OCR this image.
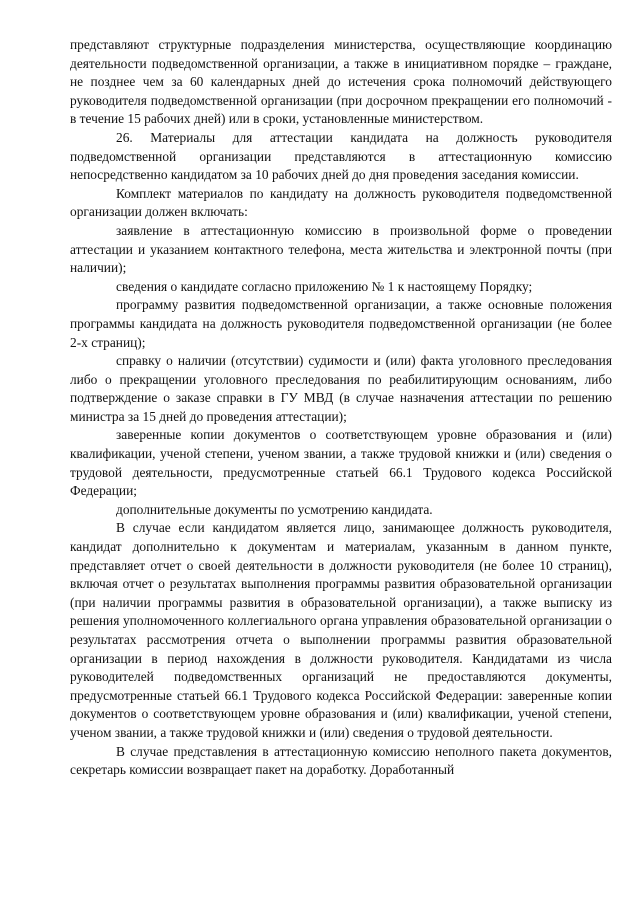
представляют структурные подразделения министерства, осуществляющие координацию деятельности подведомственной организации, а также в инициативном порядке – граждане, не позднее чем за 60 календарных дней до истечения срока полномочий действующего руководителя подведомственной организации (при досрочном прекращении его полномочий - в течение 15 рабочих дней) или в сроки, установленные министерством.

26. Материалы для аттестации кандидата на должность руководителя подведомственной организации представляются в аттестационную комиссию непосредственно кандидатом за 10 рабочих дней до дня проведения заседания комиссии.

Комплект материалов по кандидату на должность руководителя подведомственной организации должен включать:

заявление в аттестационную комиссию в произвольной форме о проведении аттестации и указанием контактного телефона, места жительства и электронной почты (при наличии);

сведения о кандидате согласно приложению № 1 к настоящему Порядку;

программу развития подведомственной организации, а также основные положения программы кандидата на должность руководителя подведомственной организации (не более 2-х страниц);

справку о наличии (отсутствии) судимости и (или) факта уголовного преследования либо о прекращении уголовного преследования по реабилитирующим основаниям, либо подтверждение о заказе справки в ГУ МВД (в случае назначения аттестации по решению министра за 15 дней до проведения аттестации);

заверенные копии документов о соответствующем уровне образования и (или) квалификации, ученой степени, ученом звании, а также трудовой книжки и (или) сведения о трудовой деятельности, предусмотренные статьей 66.1 Трудового кодекса Российской Федерации;

дополнительные документы по усмотрению кандидата.

В случае если кандидатом является лицо, занимающее должность руководителя, кандидат дополнительно к документам и материалам, указанным в данном пункте, представляет отчет о своей деятельности в должности руководителя (не более 10 страниц), включая отчет о результатах выполнения программы развития образовательной организации (при наличии программы развития в образовательной организации), а также выписку из решения уполномоченного коллегиального органа управления образовательной организации о результатах рассмотрения отчета о выполнении программы развития образовательной организации в период нахождения в должности руководителя. Кандидатами из числа руководителей подведомственных организаций не предоставляются документы, предусмотренные статьей 66.1 Трудового кодекса Российской Федерации: заверенные копии документов о соответствующем уровне образования и (или) квалификации, ученой степени, ученом звании, а также трудовой книжки и (или) сведения о трудовой деятельности.

В случае представления в аттестационную комиссию неполного пакета документов, секретарь комиссии возвращает пакет на доработку. Доработанный
